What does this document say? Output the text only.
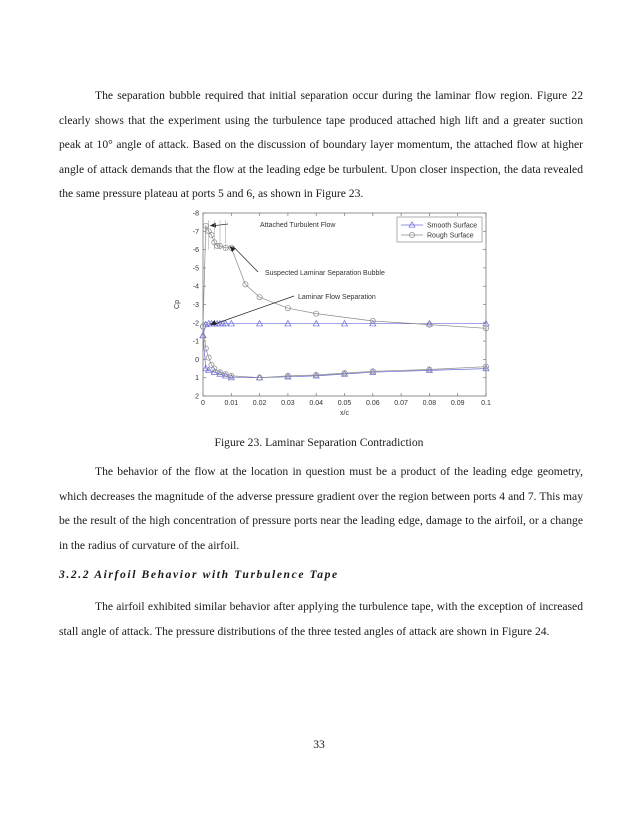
The separation bubble required that initial separation occur during the laminar flow region. Figure 22 clearly shows that the experiment using the turbulence tape produced attached high lift and a greater suction peak at 10° angle of attack. Based on the discussion of boundary layer momentum, the attached flow at higher angle of attack demands that the flow at the leading edge be turbulent. Upon closer inspection, the data revealed the same pressure plateau at ports 5 and 6, as shown in Figure 23.

0	0.01 0.02 0.03 0.04 0.05 0.06 0.07 0.08 0.09 0.1
-8
-7
-6
-5
-4
-3
-2
-1
0
1
2
x/c
Cp
Smooth Surface
Rough Surface
Attached Turbulent Flow
Suspected Laminar Separation Bubble
Laminar Flow Separation
Figure 23. Laminar Separation Contradiction

The behavior of the flow at the location in question must be a product of the leading edge geometry, which decreases the magnitude of the adverse pressure gradient over the region between ports 4 and 7. This may be the result of the high concentration of pressure ports near the leading edge, damage to the airfoil, or a change in the radius of curvature of the airfoil.

3.2.2 Airfoil Behavior with Turbulence Tape

The airfoil exhibited similar behavior after applying the turbulence tape, with the exception of increased stall angle of attack. The pressure distributions of the three tested angles of attack are shown in Figure 24.

33
